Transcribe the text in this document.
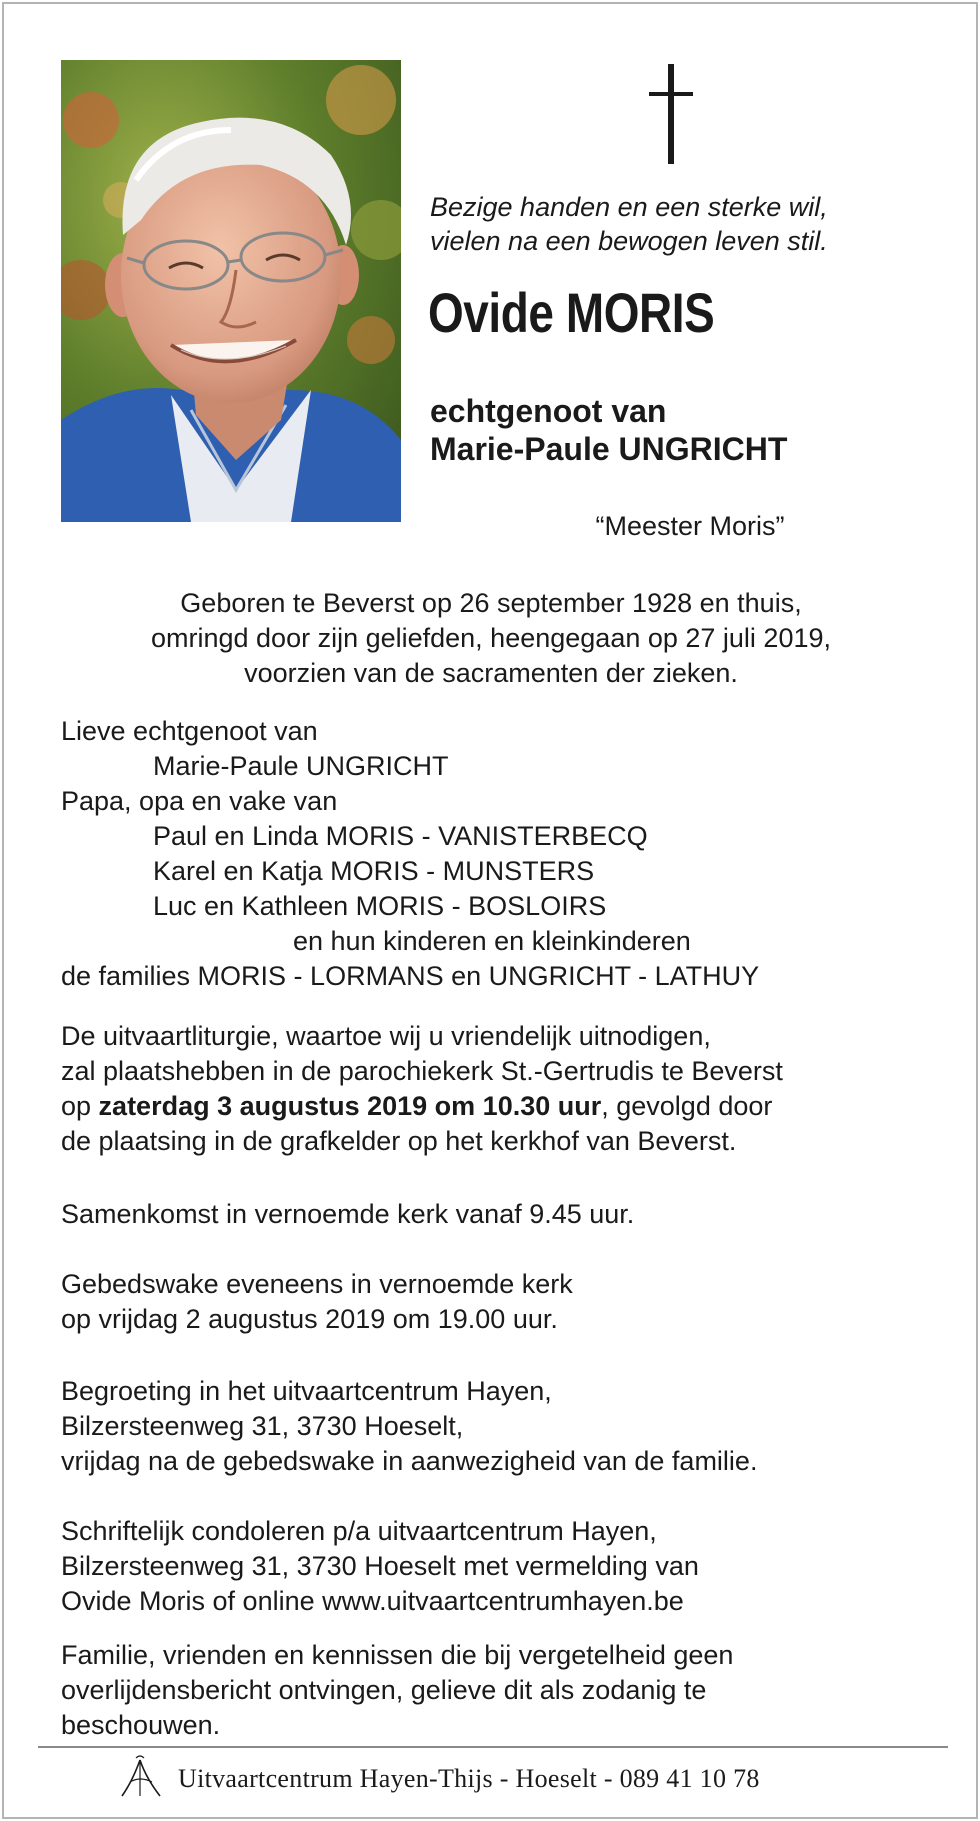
Bezige handen en een sterke wil,
vielen na een bewogen leven stil.
Ovide MORIS
echtgenoot van
Marie-Paule UNGRICHT
“Meester Moris”
Geboren te Beverst op 26 september 1928 en thuis,
omringd door zijn geliefden, heengegaan op 27 juli 2019,
voorzien van de sacramenten der zieken.
Lieve echtgenoot van
Marie-Paule UNGRICHT
Papa, opa en vake van
Paul en Linda MORIS - VANISTERBECQ
Karel en Katja MORIS - MUNSTERS
Luc en Kathleen MORIS - BOSLOIRS
en hun kinderen en kleinkinderen
de families MORIS - LORMANS en UNGRICHT - LATHUY
De uitvaartliturgie, waartoe wij u vriendelijk uitnodigen,
zal plaatshebben in de parochiekerk St.-Gertrudis te Beverst
op zaterdag 3 augustus 2019 om 10.30 uur, gevolgd door
de plaatsing in de grafkelder op het kerkhof van Beverst.
Samenkomst in vernoemde kerk vanaf 9.45 uur.
Gebedswake eveneens in vernoemde kerk
op vrijdag 2 augustus 2019 om 19.00 uur.
Begroeting in het uitvaartcentrum Hayen,
Bilzersteenweg 31, 3730 Hoeselt,
vrijdag na de gebedswake in aanwezigheid van de familie.
Schriftelijk condoleren p/a uitvaartcentrum Hayen,
Bilzersteenweg 31, 3730 Hoeselt met vermelding van
Ovide Moris of online www.uitvaartcentrumhayen.be
Familie, vrienden en kennissen die bij vergetelheid geen
overlijdensbericht ontvingen, gelieve dit als zodanig te
beschouwen.
Uitvaartcentrum Hayen-Thijs - Hoeselt - 089 41 10 78
